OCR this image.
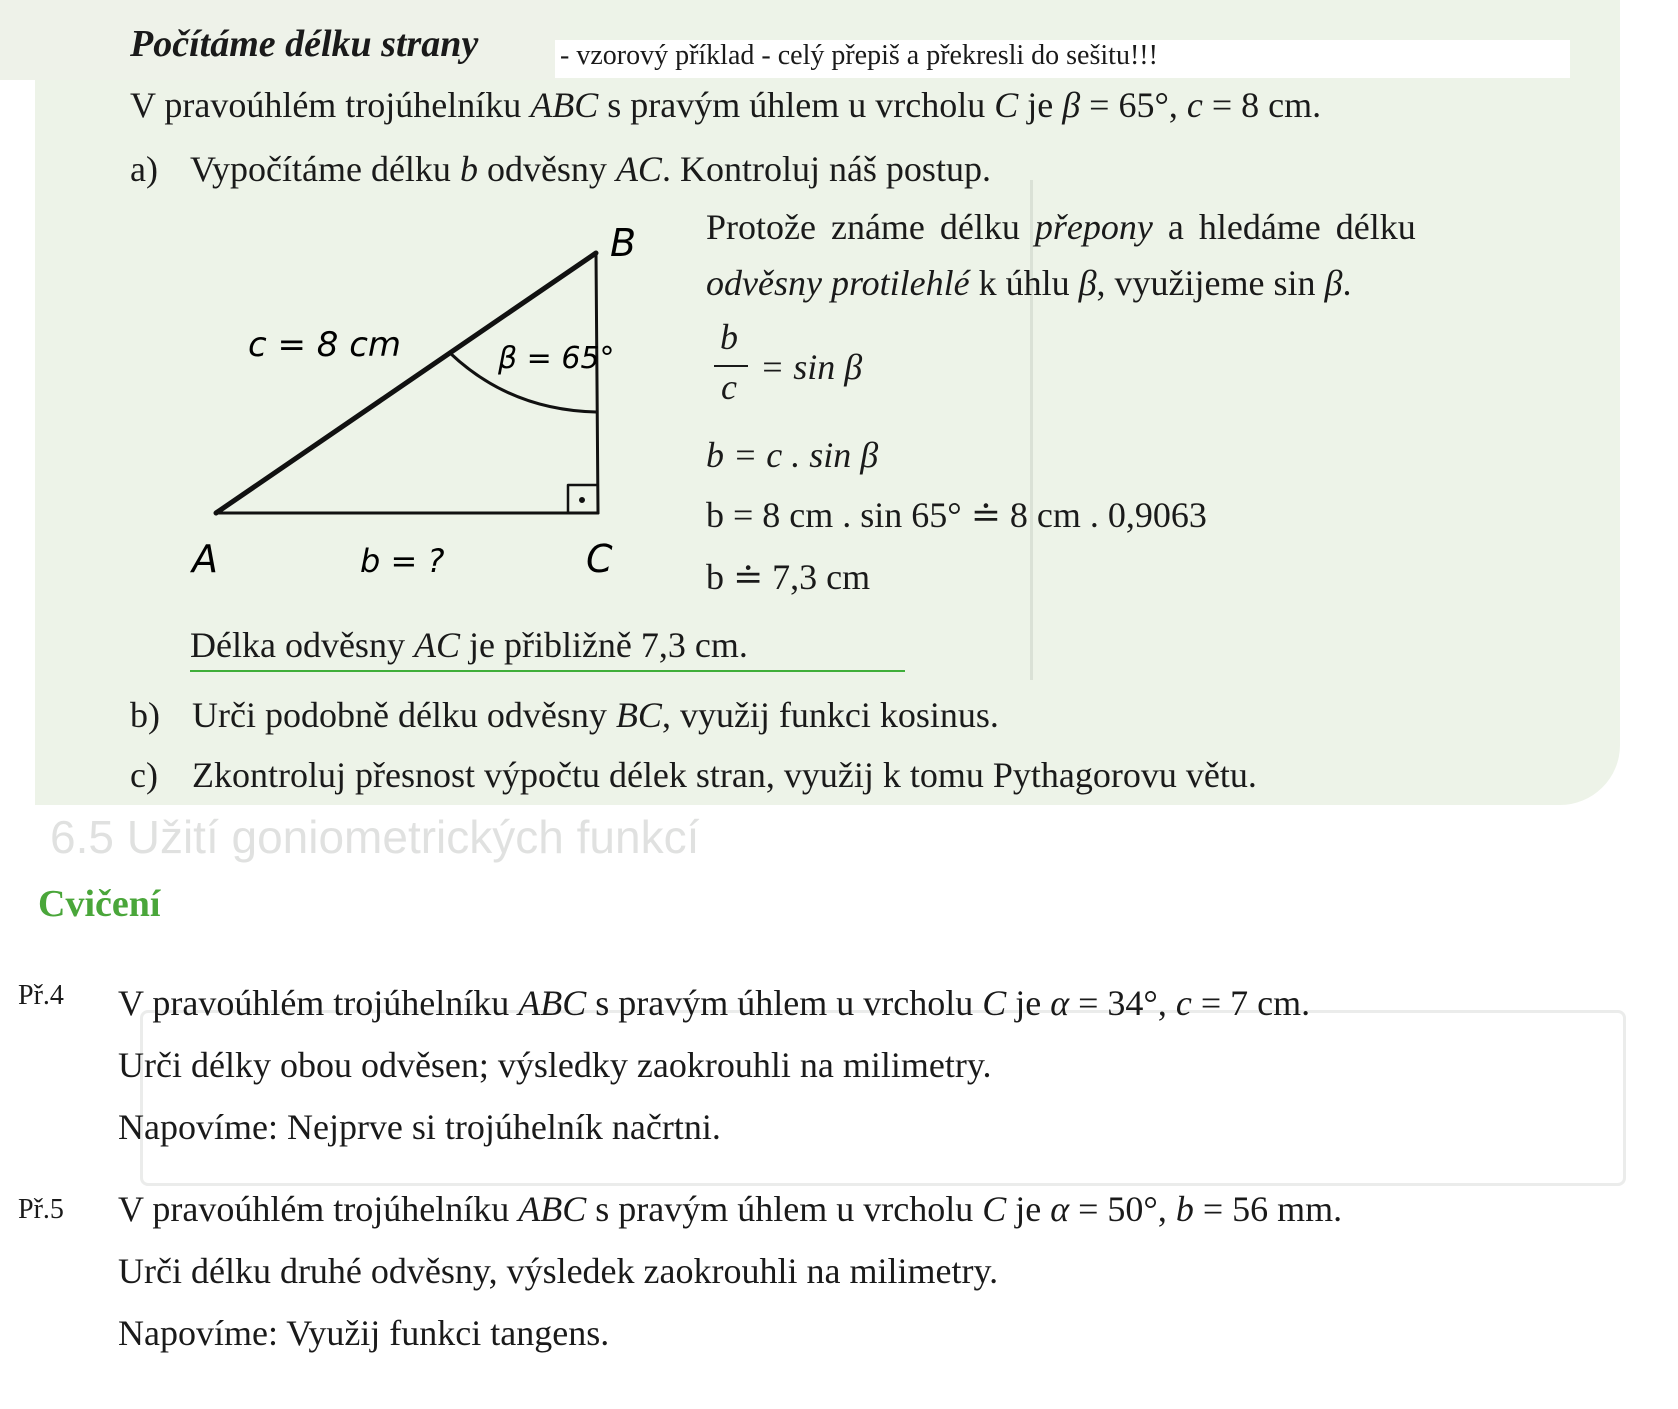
6.5 Užití goniometrických funkcí
Počítáme délku strany	- vzorový příklad - celý přepiš a překresli do sešitu!!!
V pravoúhlém trojúhelníku ABC s pravým úhlem u vrcholu C je β = 65°, c = 8 cm.
a) Vypočítáme délku b odvěsny AC. Kontroluj náš postup.
Protože známe délku přepony a hledáme délku
odvěsny protilehlé k úhlu β, využijeme sin β.
b
c = sin β
b = c . sin β
b = 8 cm . sin 65° ≐ 8 cm . 0,9063
b ≐ 7,3 cm
Délka odvěsny AC je přibližně 7,3 cm.
b) Urči podobně délku odvěsny BC, využij funkci kosinus.
c) Zkontroluj přesnost výpočtu délek stran, využij k tomu Pythagorovu větu.
B
A	C
c = 8 cm	β = 65°
b = ?
Cvičení
Př.4 V pravoúhlém trojúhelníku ABC s pravým úhlem u vrcholu C je α = 34°, c = 7 cm.
Urči délky obou odvěsen; výsledky zaokrouhli na milimetry.
Napovíme: Nejprve si trojúhelník načrtni.
Př.5 V pravoúhlém trojúhelníku ABC s pravým úhlem u vrcholu C je α = 50°, b = 56 mm.
Urči délku druhé odvěsny, výsledek zaokrouhli na milimetry.
Napovíme: Využij funkci tangens.
